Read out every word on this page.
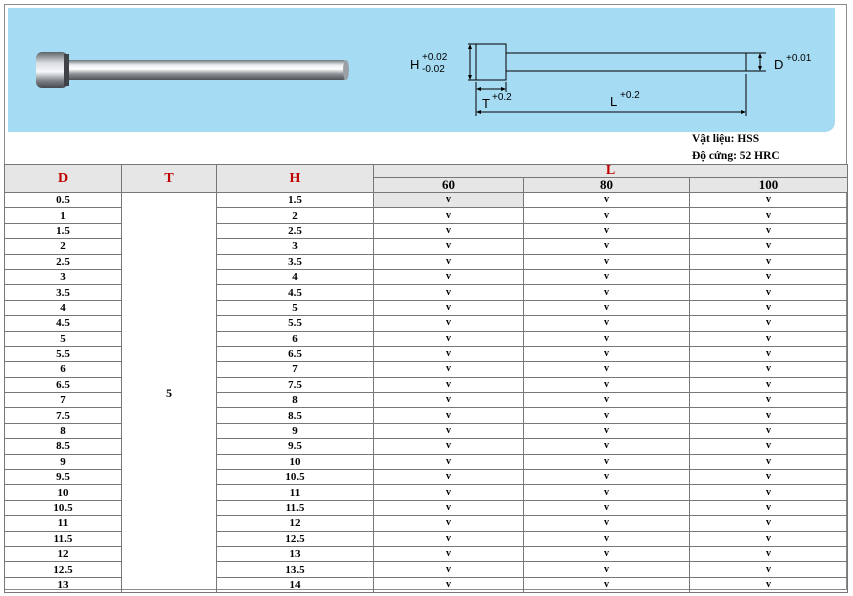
H +0.02
-0.02	D +0.01
T +0.2	L +0.2
Vật liệu: HSS
Độ cứng: 52 HRC
D	T	H	L		
			60	80	100
0.5	5	1.5	v	v	v
1		2	v	v	v
1.5		2.5	v	v	v
2		3	v	v	v
2.5		3.5	v	v	v
3		4	v	v	v
3.5		4.5	v	v	v
4		5	v	v	v
4.5		5.5	v	v	v
5		6	v	v	v
5.5		6.5	v	v	v
6		7	v	v	v
6.5		7.5	v	v	v
7		8	v	v	v
7.5		8.5	v	v	v
8		9	v	v	v
8.5		9.5	v	v	v
9		10	v	v	v
9.5		10.5	v	v	v
10		11	v	v	v
10.5		11.5	v	v	v
11		12	v	v	v
11.5		12.5	v	v	v
12		13	v	v	v
12.5		13.5	v	v	v
13		14	v	v	v
